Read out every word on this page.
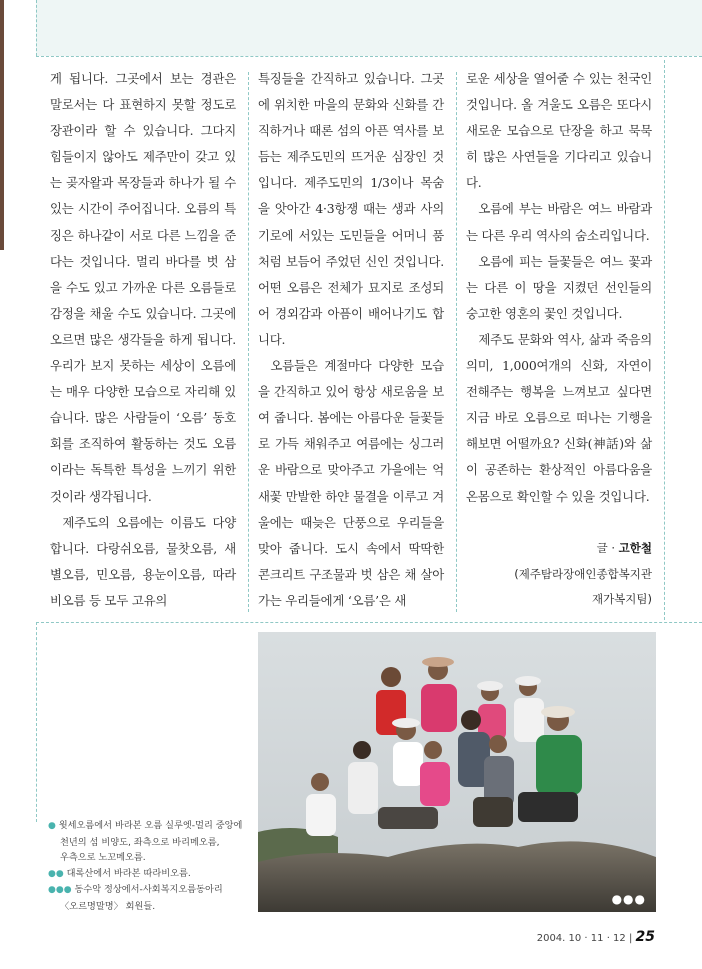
게 됩니다. 그곳에서 보는 경관은 말로서는 다 표현하지 못할 정도로 장관이라 할 수 있습니다. 그다지 힘들이지 않아도 제주만이 갖고 있는 곶자왈과 목장들과 하나가 될 수 있는 시간이 주어집니다. 오름의 특징은 하나같이 서로 다른 느낌을 준다는 것입니다. 멀리 바다를 벗 삼을 수도 있고 가까운 다른 오름들로 감정을 채울 수도 있습니다. 그곳에 오르면 많은 생각들을 하게 됩니다. 우리가 보지 못하는 세상이 오름에는 매우 다양한 모습으로 자리해 있습니다. 많은 사람들이 ‘오름’ 동호회를 조직하여 활동하는 것도 오름이라는 독특한 특성을 느끼기 위한 것이라 생각됩니다.

제주도의 오름에는 이름도 다양합니다. 다랑쉬오름, 물찻오름, 새별오름, 민오름, 용눈이오름, 따라비오름 등 모두 고유의

특징들을 간직하고 있습니다. 그곳에 위치한 마을의 문화와 신화를 간직하거나 때론 섬의 아픈 역사를 보듬는 제주도민의 뜨거운 심장인 것입니다. 제주도민의 1/3이나 목숨을 앗아간 4·3항쟁 때는 생과 사의 기로에 서있는 도민들을 어머니 품처럼 보듬어 주었던 신인 것입니다. 어떤 오름은 전체가 묘지로 조성되어 경외감과 아픔이 배어나기도 합니다.

오름들은 계절마다 다양한 모습을 간직하고 있어 항상 새로움을 보여 줍니다. 봄에는 아름다운 들꽃들로 가득 채워주고 여름에는 싱그러운 바람으로 맞아주고 가을에는 억새꽃 만발한 하얀 물결을 이루고 겨울에는 때늦은 단풍으로 우리들을 맞아 줍니다. 도시 속에서 딱딱한 콘크리트 구조물과 벗 삼은 채 살아가는 우리들에게 ‘오름’은 새

로운 세상을 열어줄 수 있는 천국인 것입니다. 올 겨울도 오름은 또다시 새로운 모습으로 단장을 하고 묵묵히 많은 사연들을 기다리고 있습니다.

오름에 부는 바람은 여느 바람과는 다른 우리 역사의 숨소리입니다.

오름에 피는 들꽃들은 여느 꽃과는 다른 이 땅을 지켰던 선인들의 숭고한 영혼의 꽃인 것입니다.

제주도 문화와 역사, 삶과 죽음의 의미, 1,000여개의 신화, 자연이 전해주는 행복을 느껴보고 싶다면 지금 바로 오름으로 떠나는 기행을 해보면 어떨까요? 신화(神話)와 삶이 공존하는 환상적인 아름다움을 온몸으로 확인할 수 있을 것입니다.

글 · 고한철
(제주탐라장애인종합복지관
재가복지팀)
●●●

● 윗세오름에서 바라본 오름 실루엣-멀리 중앙에
천년의 섬 비양도, 좌측으로 바리메오름,
우측으로 노꼬메오름.

●● 대록산에서 바라본 따라비오름.

●●● 동수악 정상에서-사회복지오름동아리
〈오르명말명〉 회원들.

2004. 10 · 11 · 12 | 25
